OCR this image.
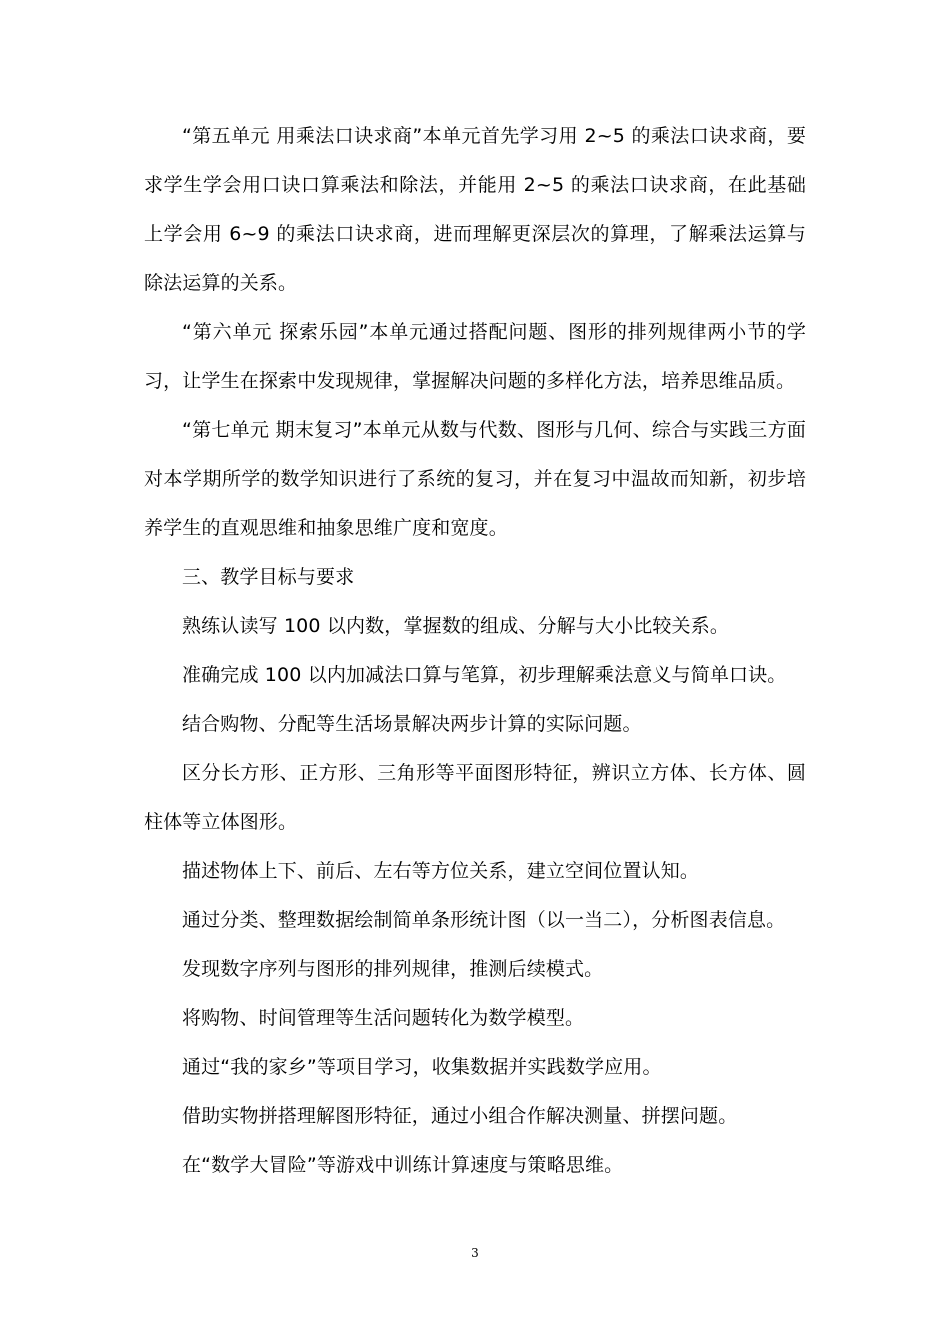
“第五单元 用乘法口诀求商”本单元首先学习用 2~5 的乘法口诀求商，要求学生学会用口诀口算乘法和除法，并能用 2~5 的乘法口诀求商，在此基础上学会用 6~9 的乘法口诀求商，进而理解更深层次的算理，了解乘法运算与除法运算的关系。

“第六单元 探索乐园”本单元通过搭配问题、图形的排列规律两小节的学习，让学生在探索中发现规律，掌握解决问题的多样化方法，培养思维品质。

“第七单元 期末复习”本单元从数与代数、图形与几何、综合与实践三方面对本学期所学的数学知识进行了系统的复习，并在复习中温故而知新，初步培养学生的直观思维和抽象思维广度和宽度。

三、教学目标与要求

熟练认读写 100 以内数，掌握数的组成、分解与大小比较关系。

准确完成 100 以内加减法口算与笔算，初步理解乘法意义与简单口诀。

结合购物、分配等生活场景解决两步计算的实际问题。

区分长方形、正方形、三角形等平面图形特征，辨识立方体、长方体、圆柱体等立体图形。

描述物体上下、前后、左右等方位关系，建立空间位置认知。

通过分类、整理数据绘制简单条形统计图（以一当二），分析图表信息。

发现数字序列与图形的排列规律，推测后续模式。

将购物、时间管理等生活问题转化为数学模型。

通过“我的家乡”等项目学习，收集数据并实践数学应用。

借助实物拼搭理解图形特征，通过小组合作解决测量、拼摆问题。

在“数学大冒险”等游戏中训练计算速度与策略思维。

3
